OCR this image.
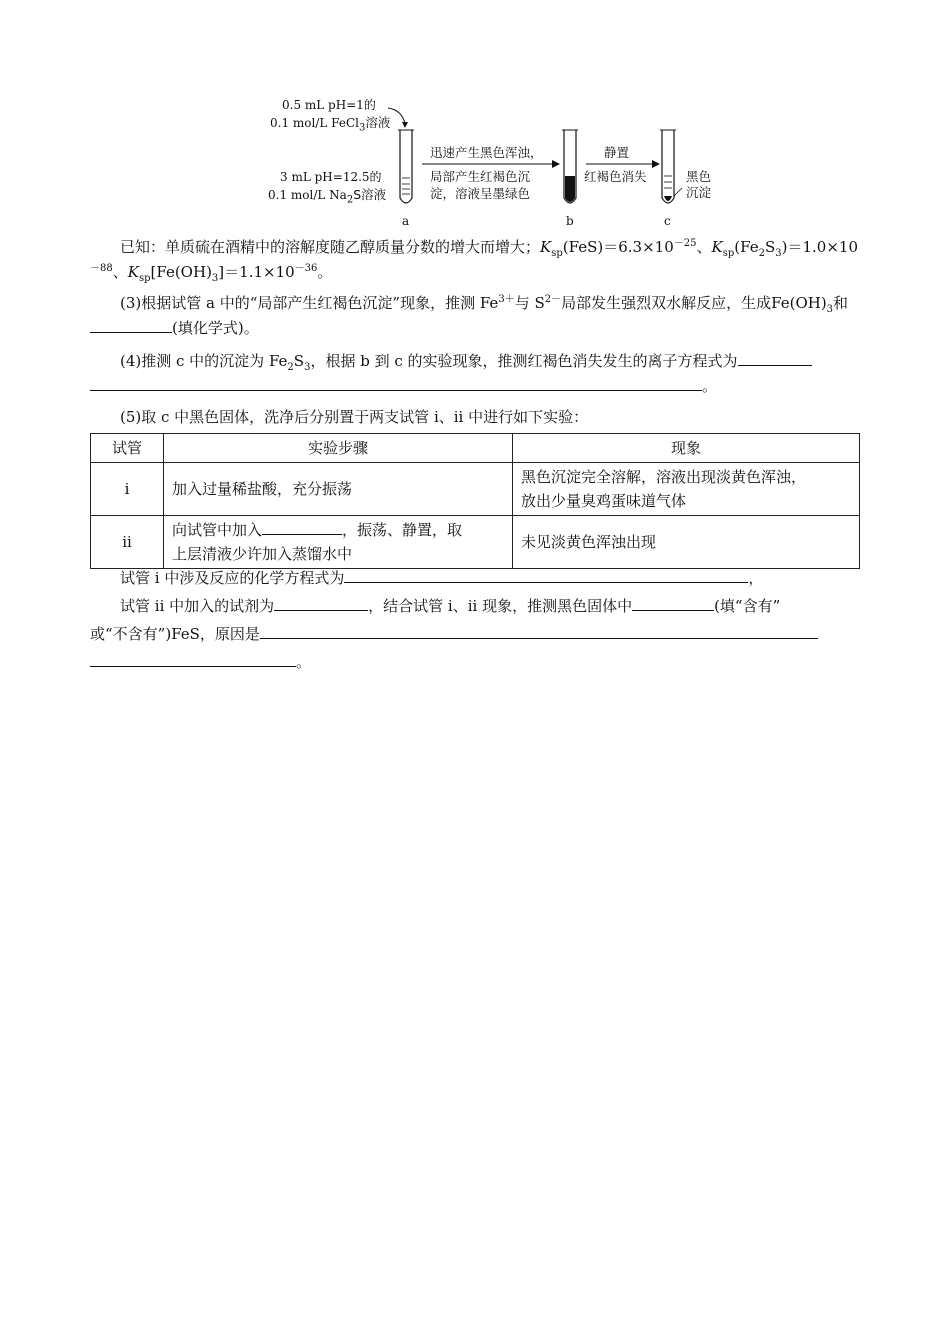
0.5 mL pH=1的
0.1 mol/L FeCl$_3$溶液
3 mL pH=12.5的
0.1 mol/L $Na_2S$溶液
迅速产生黑色浑浊，
局部产生红褐色沉
淀，溶液呈墨绿色
静置
红褐色消失	黑色
沉淀
a	b	c
已知：单质硫在酒精中的溶解度随乙醇质量分数的增大而增大；$K_{sp}(FeS)=6.3\times 10^{-25}$、$K_{sp}(Fe_2S_3)=1.0\times 10^{-88}$、$K_{sp}[Fe(OH)_3]=1.1\times 10^{-36}$。
(3)根据试管 a 中的“局部产生红褐色沉淀”现象，推测 $Fe^{3+}$与 $S^{2-}$局部发生强烈双水解反应，生成$Fe(OH)_3$和(填化学式)。
(4)推测 c 中的沉淀为 $Fe_2S_3$，根据 b 到 c 的实验现象，推测红褐色消失发生的离子方程式为
。
(5)取 c 中黑色固体，洗净后分别置于两支试管 i、ii 中进行如下实验：
试管	实验步骤	现象
i	加入过量稀盐酸，充分振荡	黑色沉淀完全溶解，溶液出现淡黄色浑浊，
放出少量臭鸡蛋味道气体
ii	向试管中加入 ，振荡、静置，取
上层清液少许加入蒸馏水中	未见淡黄色浑浊出现
试管 i 中涉及反应的化学方程式为	，
试管 ii 中加入的试剂为	，结合试管 i、ii 现象，推测黑色固体中	(填“含有”
或“不含有”)FeS，原因是
。
